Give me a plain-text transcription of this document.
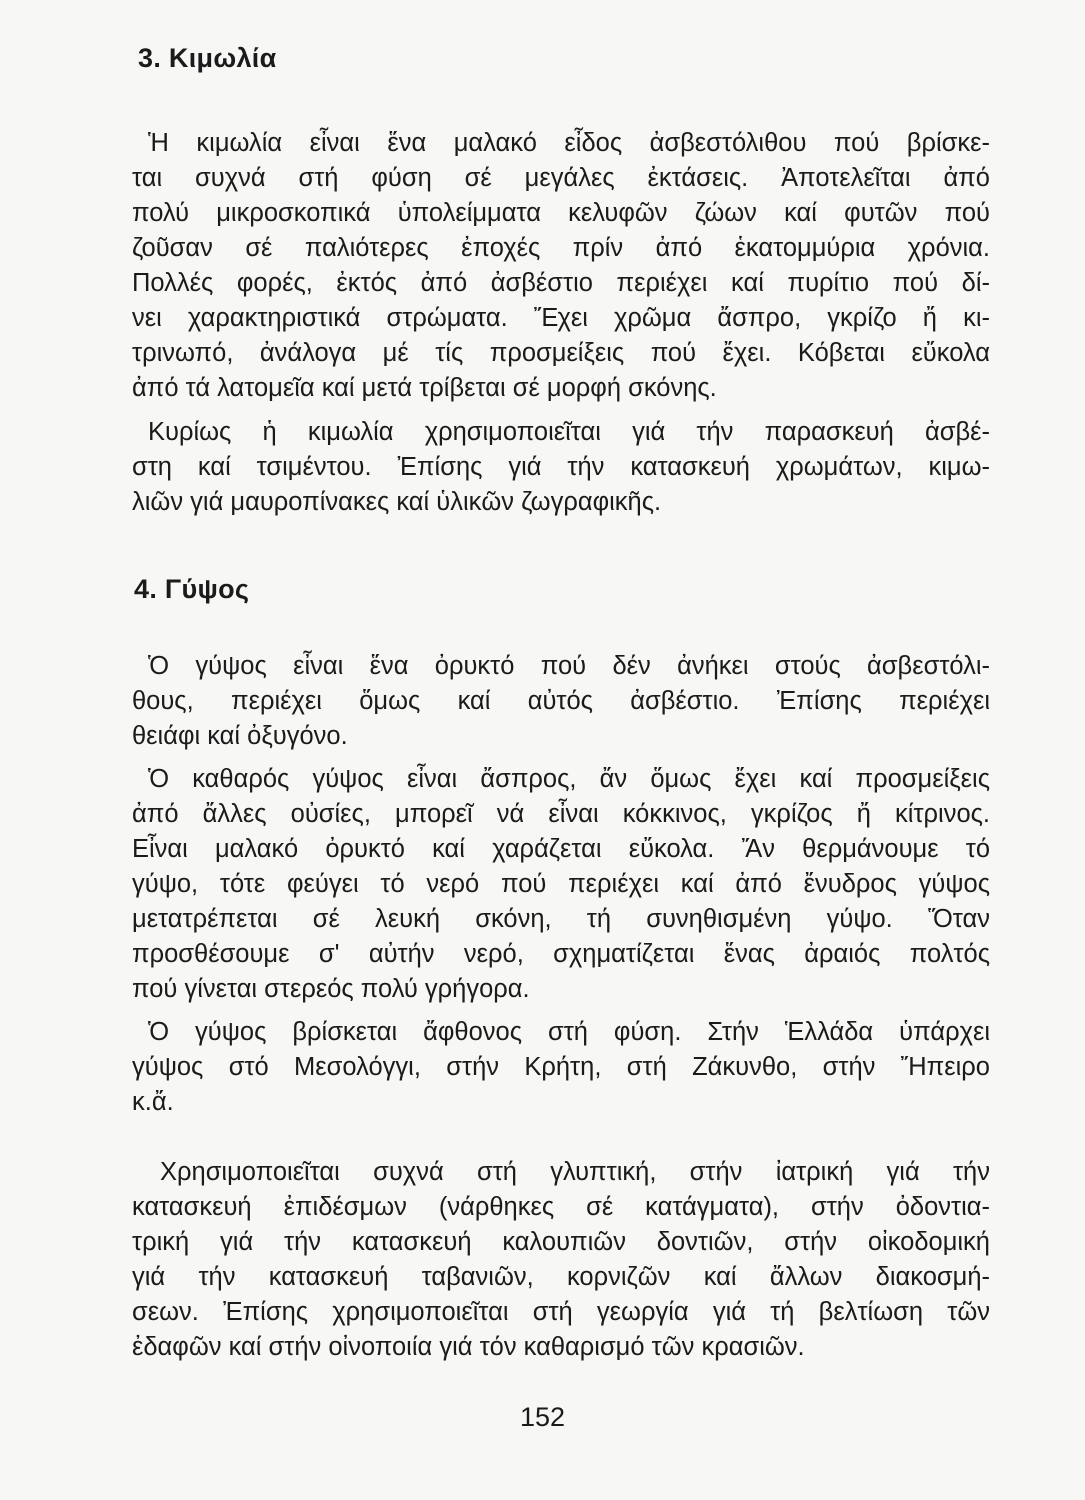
3. Κιμωλία
Ἡ κιμωλία εἶναι ἕνα μαλακό εἶδος ἀσβεστόλιθου πού βρίσκε-
ται συχνά στή φύση σέ μεγάλες ἐκτάσεις. Ἀποτελεῖται ἀπό
πολύ μικροσκοπικά ὑπολείμματα κελυφῶν ζώων καί φυτῶν πού
ζοῦσαν σέ παλιότερες ἐποχές πρίν ἀπό ἑκατομμύρια χρόνια.
Πολλές φορές, ἐκτός ἀπό ἀσβέστιο περιέχει καί πυρίτιο πού δί-
νει χαρακτηριστικά στρώματα. Ἔχει χρῶμα ἄσπρο, γκρίζο ἤ κι-
τρινωπό, ἀνάλογα μέ τίς προσμείξεις πού ἔχει. Κόβεται εὔκολα
ἀπό τά λατομεῖα καί μετά τρίβεται σέ μορφή σκόνης.
Κυρίως ἡ κιμωλία χρησιμοποιεῖται γιά τήν παρασκευή ἀσβέ-
στη καί τσιμέντου. Ἐπίσης γιά τήν κατασκευή χρωμάτων, κιμω-
λιῶν γιά μαυροπίνακες καί ὑλικῶν ζωγραφικῆς.
4. Γύψος
Ὁ γύψος εἶναι ἕνα ὀρυκτό πού δέν ἀνήκει στούς ἀσβεστόλι-
θους, περιέχει ὅμως καί αὐτός ἀσβέστιο. Ἐπίσης περιέχει
θειάφι καί ὀξυγόνο.
Ὁ καθαρός γύψος εἶναι ἄσπρος, ἄν ὅμως ἔχει καί προσμείξεις
ἀπό ἄλλες οὐσίες, μπορεῖ νά εἶναι κόκκινος, γκρίζος ἤ κίτρινος.
Εἶναι μαλακό ὀρυκτό καί χαράζεται εὔκολα. Ἄν θερμάνουμε τό
γύψο, τότε φεύγει τό νερό πού περιέχει καί ἀπό ἔνυδρος γύψος
μετατρέπεται σέ λευκή σκόνη, τή συνηθισμένη γύψο. Ὅταν
προσθέσουμε σ' αὐτήν νερό, σχηματίζεται ἕνας ἀραιός πολτός
πού γίνεται στερεός πολύ γρήγορα.
Ὁ γύψος βρίσκεται ἄφθονος στή φύση. Στήν Ἑλλάδα ὑπάρχει
γύψος στό Μεσολόγγι, στήν Κρήτη, στή Ζάκυνθο, στήν Ἤπειρο
κ.ἄ.
Χρησιμοποιεῖται συχνά στή γλυπτική, στήν ἰατρική γιά τήν
κατασκευή ἐπιδέσμων (νάρθηκες σέ κατάγματα), στήν ὀδοντια-
τρική γιά τήν κατασκευή καλουπιῶν δοντιῶν, στήν οἰκοδομική
γιά τήν κατασκευή ταβανιῶν, κορνιζῶν καί ἄλλων διακοσμή-
σεων. Ἐπίσης χρησιμοποιεῖται στή γεωργία γιά τή βελτίωση τῶν
ἐδαφῶν καί στήν οἰνοποιία γιά τόν καθαρισμό τῶν κρασιῶν.
152
